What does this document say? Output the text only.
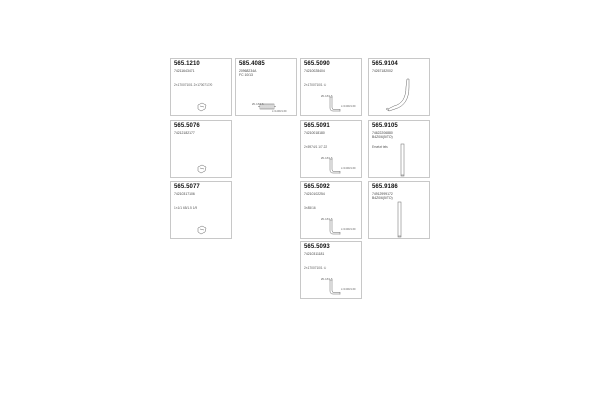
565.1210
74211643471
2×1700710/1 2×1700717/0
585.4085
20968234A
FC 10/13
Ø1.18/1.5
L=1400/1.69
565.5090
74210028404
2×1700710/1 ①
Ø1.18/1.5
L=1300/1.69
565.9104
74267182002
565.5076
74212182177
565.5091
74210018180
2×5974/1 1/7.22
Ø1.18/1.5
L=1300/1.69
565.9105
74622206880
B4Z0/6(5/TO)
Ersetzt tels
565.5077
74210317106
1×1/1 65/1.5 1/9
565.5092
74210102254
3×85/16
Ø1.18/1.5
L=1300/1.69
565.9186
74912999172
B4Z0/6(5/TO)
565.5093
74210311181
2×1700710/1 ①
Ø1.18/1.5
L=1300/1.69
